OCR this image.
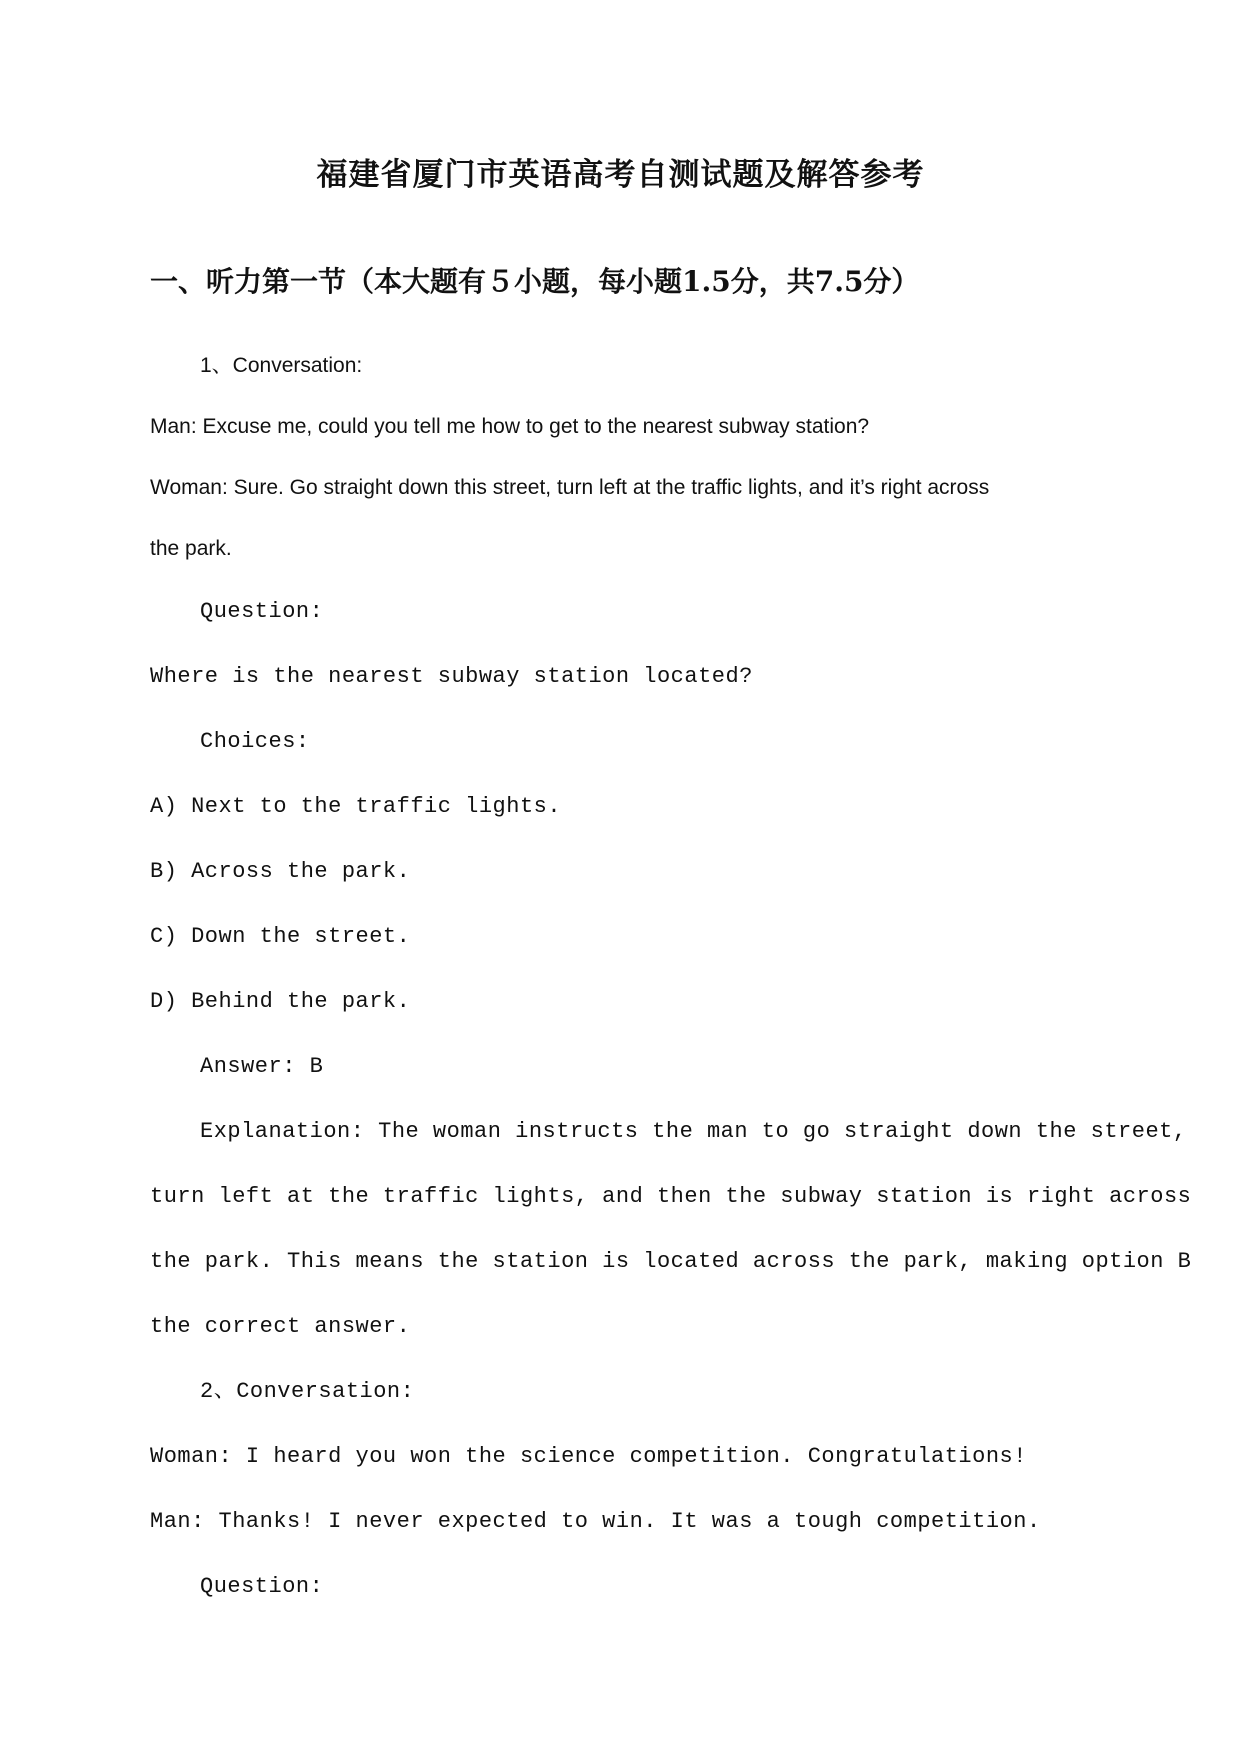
福建省厦门市英语高考自测试题及解答参考
一、听力第一节（本大题有５小题，每小题1.5分，共7.5分）
1、Conversation:
Man: Excuse me, could you tell me how to get to the nearest subway station?
Woman: Sure. Go straight down this street, turn left at the traffic lights, and it’s right across
the park.
Question:
Where is the nearest subway station located?
Choices:
A) Next to the traffic lights.
B) Across the park.
C) Down the street.
D) Behind the park.
Answer: B
Explanation: The woman instructs the man to go straight down the street,
turn left at the traffic lights, and then the subway station is right across
the park. This means the station is located across the park, making option B
the correct answer.
2、Conversation:
Woman: I heard you won the science competition. Congratulations!
Man: Thanks! I never expected to win. It was a tough competition.
Question:
